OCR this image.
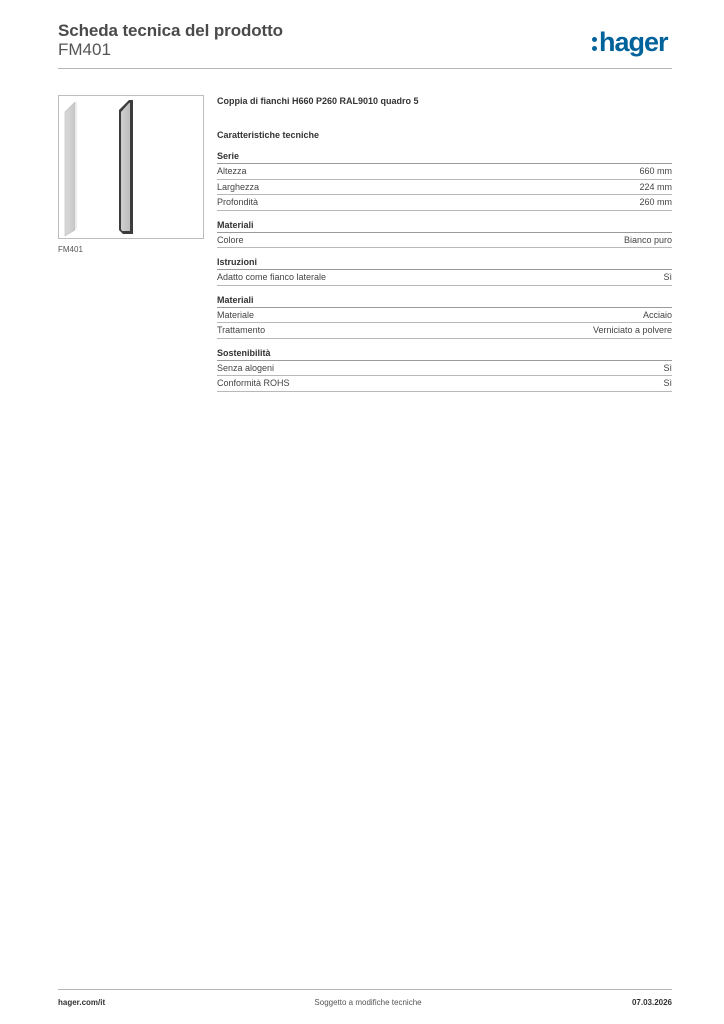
Scheda tecnica del prodotto
FM401	hager
FM401
Coppia di fianchi H660 P260 RAL9010 quadro 5
Caratteristiche tecniche
Serie
Altezza	660 mm
Larghezza	224 mm
Profondità	260 mm
Materiali
Colore	Bianco puro
Istruzioni
Adatto come fianco laterale	Sì
Materiali
Materiale	Acciaio
Trattamento	Verniciato a polvere
Sostenibilità
Senza alogeni	Sì
Conformità ROHS	Sì
hager.com/it	Soggetto a modifiche tecniche	07.03.2026
